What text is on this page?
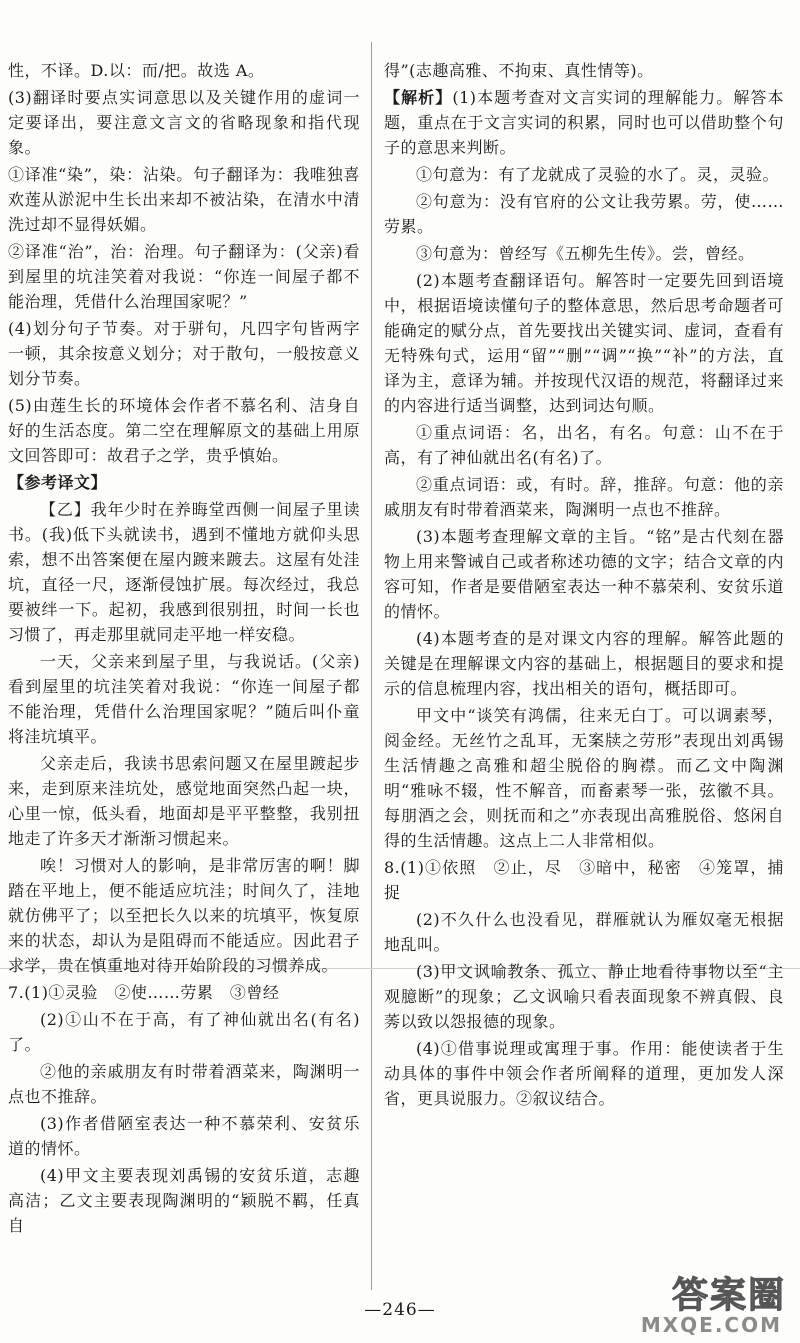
性，不译。D.以：而/把。故选 A。

(3)翻译时要点实词意思以及关键作用的虚词一定要译出，要注意文言文的省略现象和指代现象。

①译准“染”，染：沾染。句子翻译为：我唯独喜欢莲从淤泥中生长出来却不被沾染，在清水中清洗过却不显得妖媚。

②译准“治”，治：治理。句子翻译为：(父亲)看到屋里的坑洼笑着对我说：“你连一间屋子都不能治理，凭借什么治理国家呢？”

(4)划分句子节奏。对于骈句，凡四字句皆两字一顿，其余按意义划分；对于散句，一般按意义划分节奏。

(5)由莲生长的环境体会作者不慕名利、洁身自好的生活态度。第二空在理解原文的基础上用原文回答即可：故君子之学，贵乎慎始。

【参考译文】

【乙】我年少时在养晦堂西侧一间屋子里读书。(我)低下头就读书，遇到不懂地方就仰头思索，想不出答案便在屋内踱来踱去。这屋有处洼坑，直径一尺，逐渐侵蚀扩展。每次经过，我总要被绊一下。起初，我感到很别扭，时间一长也习惯了，再走那里就同走平地一样安稳。

一天，父亲来到屋子里，与我说话。(父亲)看到屋里的坑洼笑着对我说：“你连一间屋子都不能治理，凭借什么治理国家呢？”随后叫仆童将洼坑填平。

父亲走后，我读书思索问题又在屋里踱起步来，走到原来洼坑处，感觉地面突然凸起一块，心里一惊，低头看，地面却是平平整整，我别扭地走了许多天才渐渐习惯起来。

唉！习惯对人的影响，是非常厉害的啊！脚踏在平地上，便不能适应坑洼；时间久了，洼地就仿佛平了；以至把长久以来的坑填平，恢复原来的状态，却认为是阻碍而不能适应。因此君子求学，贵在慎重地对待开始阶段的习惯养成。

7.(1)①灵验　②使……劳累　③曾经

(2)①山不在于高，有了神仙就出名(有名)了。

②他的亲戚朋友有时带着酒菜来，陶渊明一点也不推辞。

(3)作者借陋室表达一种不慕荣利、安贫乐道的情怀。

(4)甲文主要表现刘禹锡的安贫乐道，志趣高洁；乙文主要表现陶渊明的“颖脱不羁，任真自

得”(志趣高雅、不拘束、真性情等)。

【解析】(1)本题考查对文言实词的理解能力。解答本题，重点在于文言实词的积累，同时也可以借助整个句子的意思来判断。

①句意为：有了龙就成了灵验的水了。灵，灵验。

②句意为：没有官府的公文让我劳累。劳，使……劳累。

③句意为：曾经写《五柳先生传》。尝，曾经。

(2)本题考查翻译语句。解答时一定要先回到语境中，根据语境读懂句子的整体意思，然后思考命题者可能确定的赋分点，首先要找出关键实词、虚词，查看有无特殊句式，运用“留”“删”“调”“换”“补”的方法，直译为主，意译为辅。并按现代汉语的规范，将翻译过来的内容进行适当调整，达到词达句顺。

①重点词语：名，出名，有名。句意：山不在于高，有了神仙就出名(有名)了。

②重点词语：或，有时。辞，推辞。句意：他的亲戚朋友有时带着酒菜来，陶渊明一点也不推辞。

(3)本题考查理解文章的主旨。“铭”是古代刻在器物上用来警诫自己或者称述功德的文字；结合文章的内容可知，作者是要借陋室表达一种不慕荣利、安贫乐道的情怀。

(4)本题考查的是对课文内容的理解。解答此题的关键是在理解课文内容的基础上，根据题目的要求和提示的信息梳理内容，找出相关的语句，概括即可。

甲文中“谈笑有鸿儒，往来无白丁。可以调素琴，阅金经。无丝竹之乱耳，无案牍之劳形”表现出刘禹锡生活情趣之高雅和超尘脱俗的胸襟。而乙文中陶渊明“雅咏不辍，性不解音，而畜素琴一张，弦徽不具。每朋酒之会，则抚而和之”亦表现出高雅脱俗、悠闲自得的生活情趣。这点上二人非常相似。

8.(1)①依照　②止，尽　③暗中，秘密　④笼罩，捕捉

(2)不久什么也没看见，群雁就认为雁奴毫无根据地乱叫。

(3)甲文讽喻教条、孤立、静止地看待事物以至“主观臆断”的现象；乙文讽喻只看表面现象不辨真假、良莠以致以怨报德的现象。

(4)①借事说理或寓理于事。作用：能使读者于生动具体的事件中领会作者所阐释的道理，更加发人深省，更具说服力。②叙议结合。

—246—	答案圈
MXQE.COM
